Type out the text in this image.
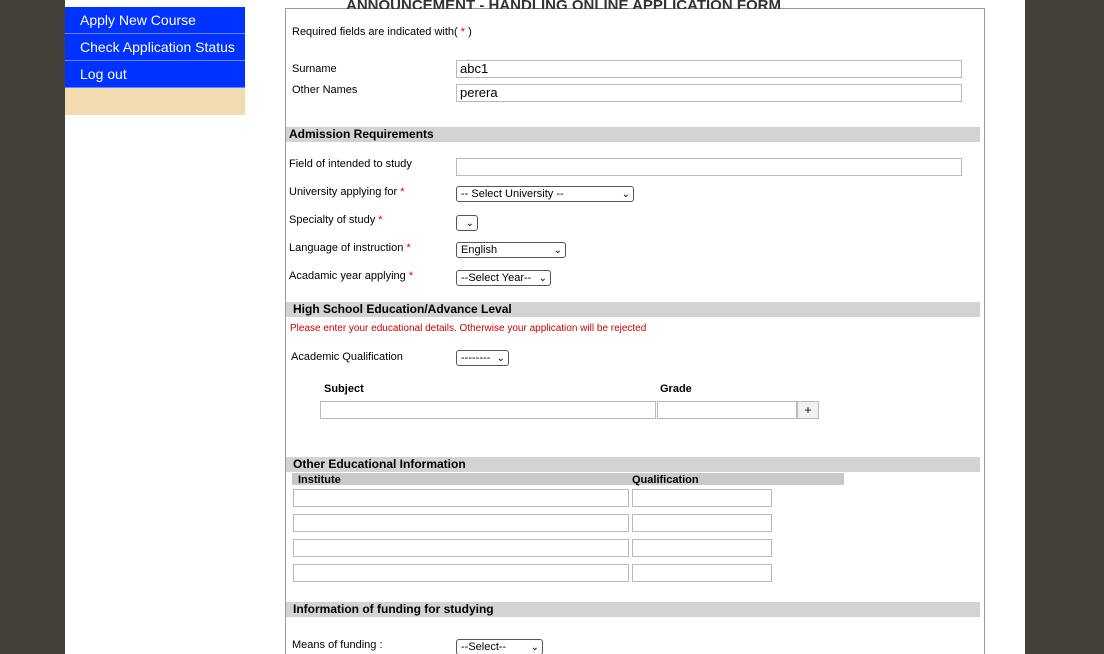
Apply New Course
Check Application Status
Log out
ANNOUNCEMENT - HANDLING ONLINE APPLICATION FORM
Required fields are indicated with( * )
Surname	abc1
Other Names	perera
Admission Requirements
Field of intended to study
University applying for *	-- Select University --	⌄
Specialty of study *	⌄
Language of instruction *	English	⌄
Acadamic year applying *	--Select Year-- ⌄
High School Education/Advance Leval
Please enter your educational details. Otherwise your application will be rejected
Academic Qualification	-------- ⌄
Subject	Grade
+
Other Educational Information
Institute	Qualification
Information of funding for studying
Means of funding :	--Select-- ⌄
